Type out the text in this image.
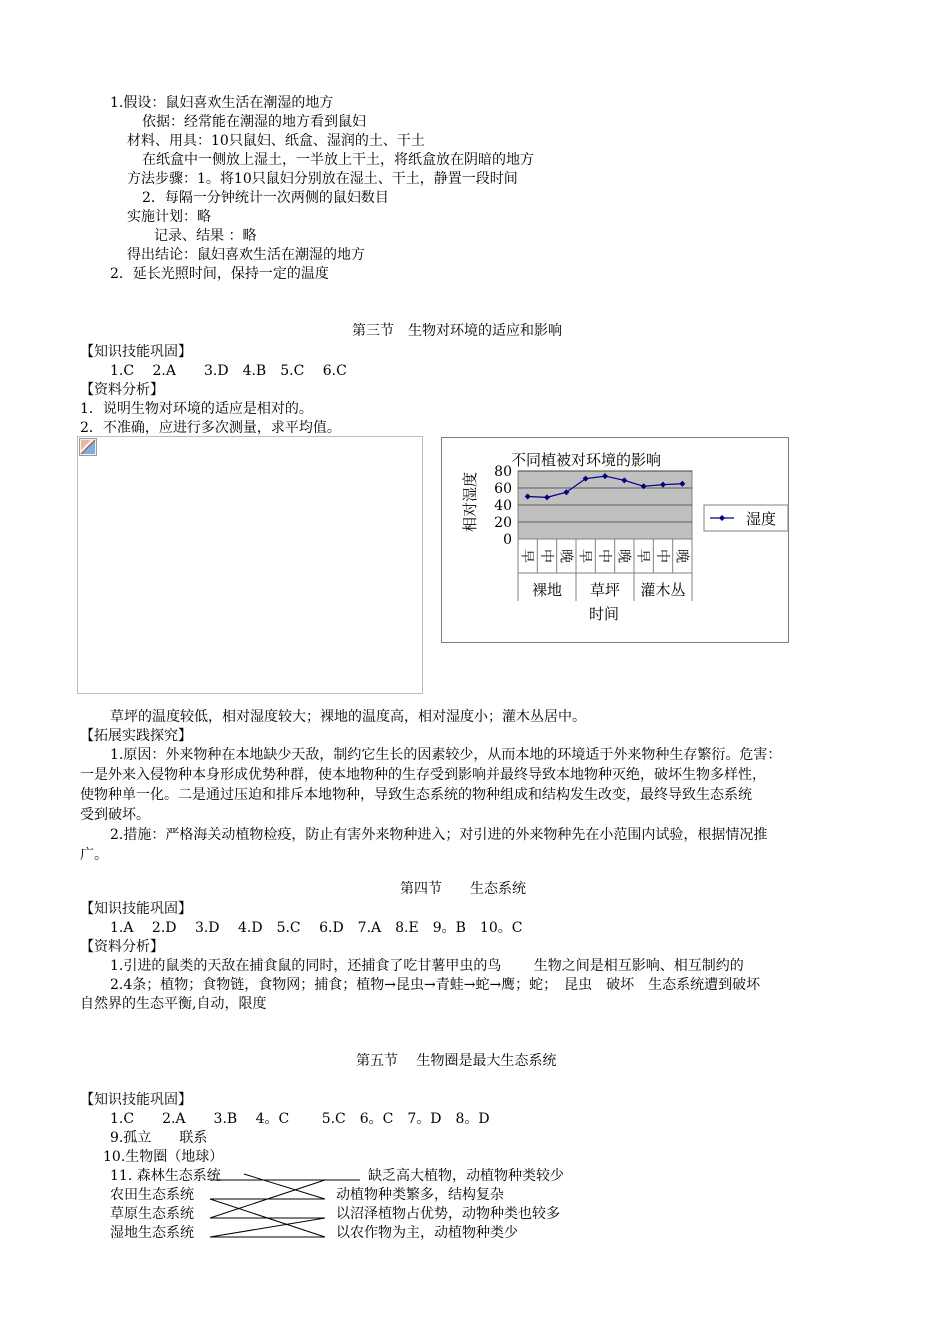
1.假设：鼠妇喜欢生活在潮湿的地方
依据：经常能在潮湿的地方看到鼠妇
材料、用具：10只鼠妇、纸盒、湿润的土、干土
在纸盒中一侧放上湿土，一半放上干土，将纸盒放在阴暗的地方
方法步骤：1。将10只鼠妇分别放在湿土、干土，静置一段时间
2．每隔一分钟统计一次两侧的鼠妇数目
实施计划：略
记录、结果 ：略
得出结论：鼠妇喜欢生活在潮湿的地方
2．延长光照时间，保持一定的温度
第三节　生物对环境的适应和影响
【知识技能巩固】
1.C　 2.A　　3.D　4.B　5.C　 6.C
【资料分析】
1．说明生物对环境的适应是相对的。
2．不准确，应进行多次测量，求平均值。
不同植被对环境的影响
相对湿度
时间
0
20
40
60
80
早 中 晚 早 中 晚 早 中 晚
裸地 草坪 灌木丛
湿度
草坪的温度较低，相对湿度较大；裸地的温度高，相对湿度小；灌木丛居中。
【拓展实践探究】
1.原因：外来物种在本地缺少天敌，制约它生长的因素较少，从而本地的环境适于外来物种生存繁衍。危害：
一是外来入侵物种本身形成优势种群，使本地物种的生存受到影响并最终导致本地物种灭绝，破坏生物多样性，
使物种单一化。二是通过压迫和排斥本地物种，导致生态系统的物种组成和结构发生改变，最终导致生态系统
受到破坏。
2.措施：严格海关动植物检疫，防止有害外来物种进入；对引进的外来物种先在小范围内试验，根据情况推
广。
第四节　　生态系统
【知识技能巩固】
1.A　 2.D　 3.D　 4.D　5.C　 6.D　7.A　8.E　9。B　10。C
【资料分析】
1.引进的鼠类的天敌在捕食鼠的同时，还捕食了吃甘薯甲虫的鸟　　 生物之间是相互影响、相互制约的
2.4条；植物；食物链，食物网；捕食；植物→昆虫→青蛙→蛇→鹰；蛇；　昆虫　破坏　生态系统遭到破坏
自然界的生态平衡,自动，限度
第五节　 生物圈是最大生态系统
【知识技能巩固】
1.C　　2.A　　3.B　 4。C　　 5.C　6。C　7。D　8。D
9.孤立　　联系
10.生物圈（地球）
11. 森林生态系统
农田生态系统
草原生态系统
湿地生态系统
缺乏高大植物，动植物种类较少
动植物种类繁多，结构复杂
以沼泽植物占优势，动物种类也较多
以农作物为主，动植物种类少
